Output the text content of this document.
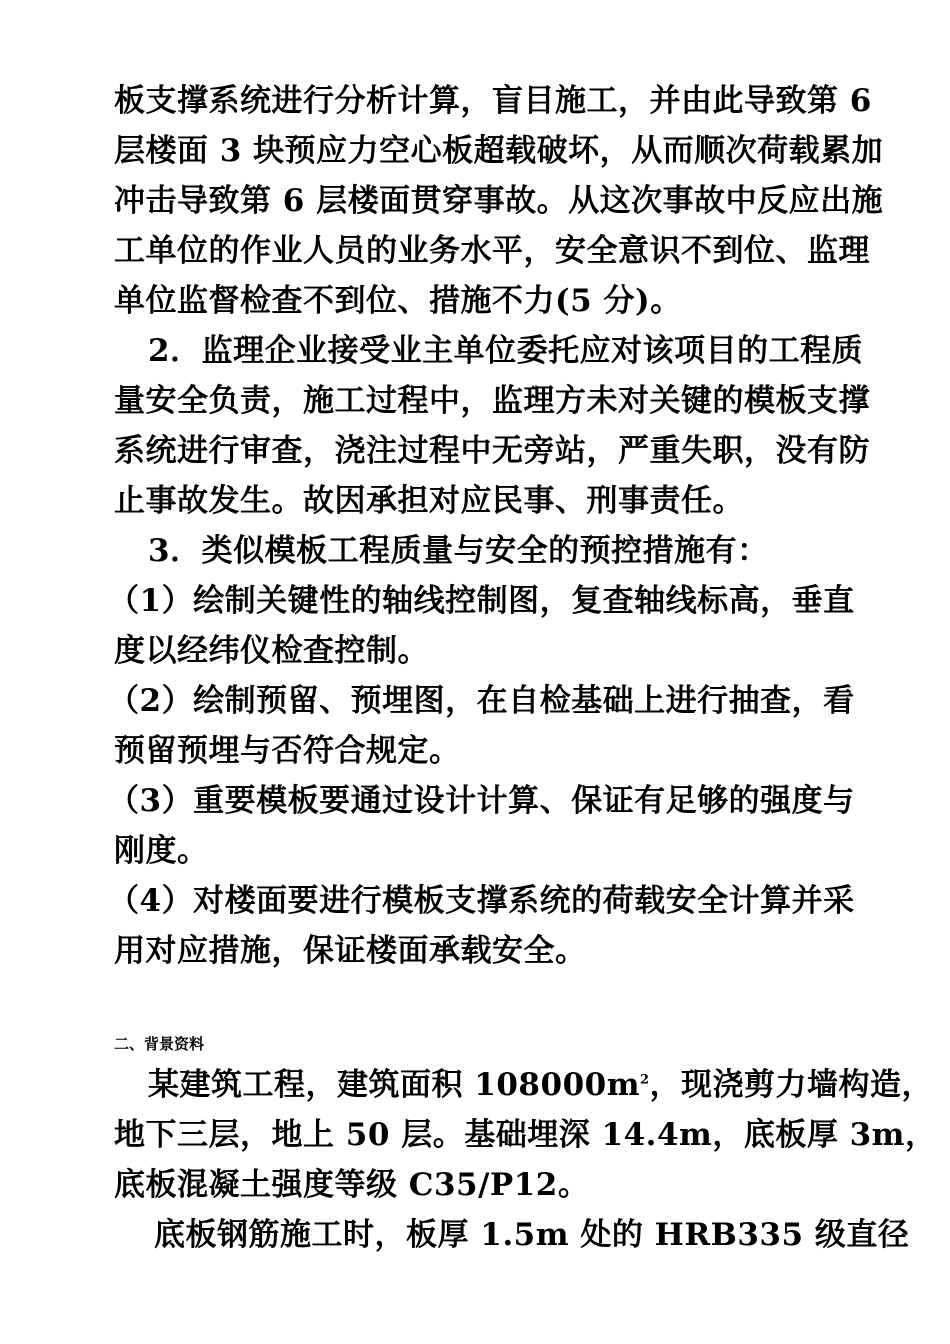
板支撑系统进行分析计算，盲目施工，并由此导致第 6
层楼面 3 块预应力空心板超载破坏，从而顺次荷载累加
冲击导致第 6 层楼面贯穿事故。从这次事故中反应出施
工单位的作业人员的业务水平，安全意识不到位、监理
单位监督检查不到位、措施不力(5 分)。
2．监理企业接受业主单位委托应对该项目的工程质
量安全负责，施工过程中，监理方未对关键的模板支撑
系统进行审查，浇注过程中无旁站，严重失职，没有防
止事故发生。故因承担对应民事、刑事责任。
3．类似模板工程质量与安全的预控措施有：
（1）绘制关键性的轴线控制图，复查轴线标高，垂直
度以经纬仪检查控制。
（2）绘制预留、预埋图，在自检基础上进行抽查，看
预留预埋与否符合规定。
（3）重要模板要通过设计计算、保证有足够的强度与
刚度。
（4）对楼面要进行模板支撑系统的荷载安全计算并采
用对应措施，保证楼面承载安全。
二、背景资料
某建筑工程，建筑面积 $108000m^2$，现浇剪力墙构造，
地下三层，地上 50 层。基础埋深 14.4m，底板厚 3m，
底板混凝土强度等级 C35/P12。
底板钢筋施工时，板厚 1.5m 处的 HRB335 级直径
